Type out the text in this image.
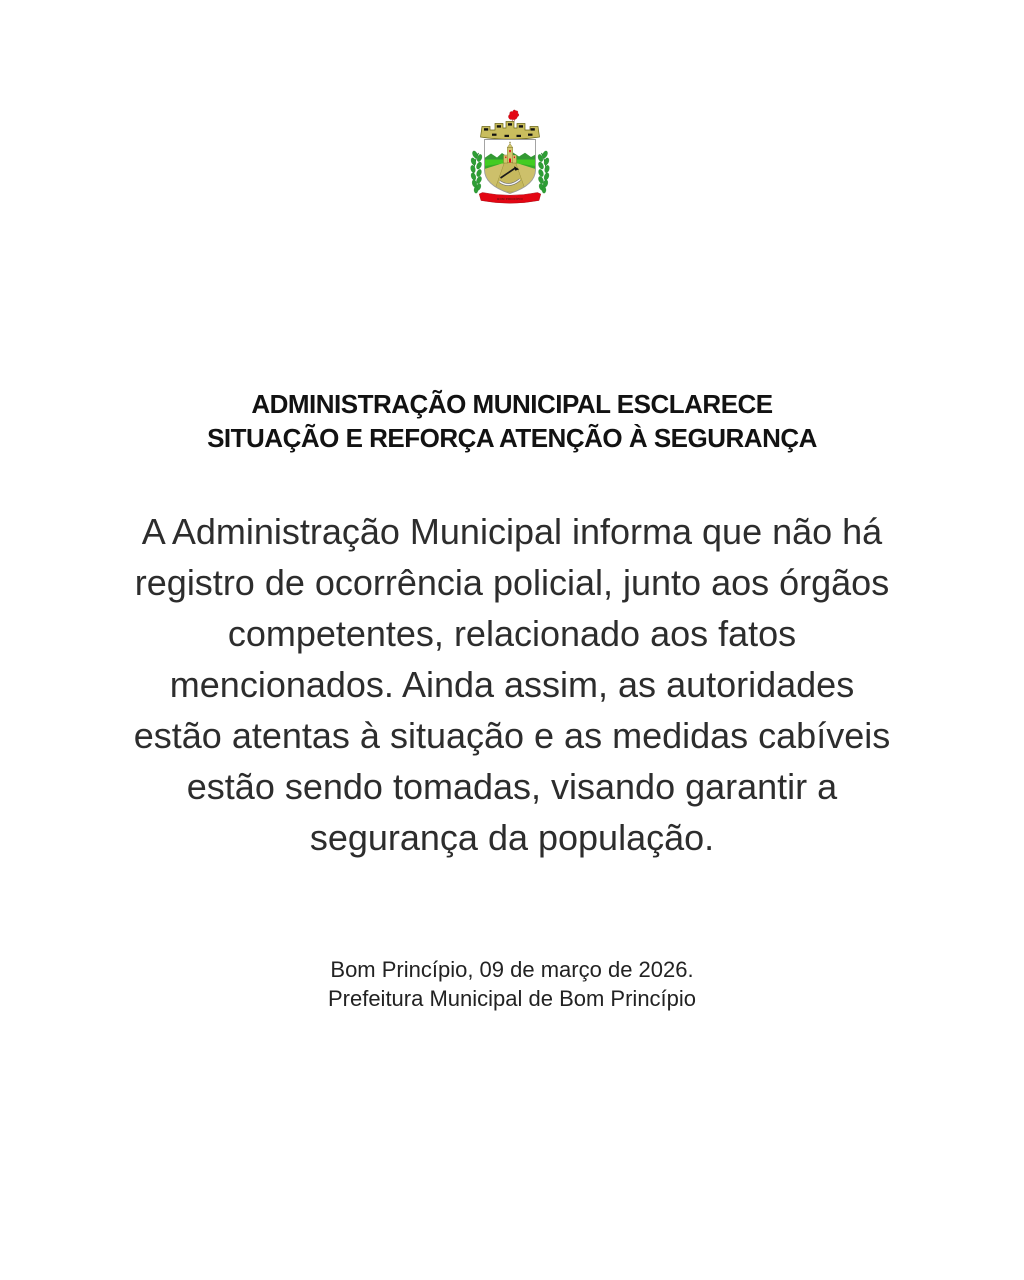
BOM PRINCÍPIO
ADMINISTRAÇÃO MUNICIPAL ESCLARECE
SITUAÇÃO E REFORÇA ATENÇÃO À SEGURANÇA
A Administração Municipal informa que não há
registro de ocorrência policial, junto aos órgãos
competentes, relacionado aos fatos
mencionados. Ainda assim, as autoridades
estão atentas à situação e as medidas cabíveis
estão sendo tomadas, visando garantir a
segurança da população.
Bom Princípio, 09 de março de 2026.
Prefeitura Municipal de Bom Princípio
